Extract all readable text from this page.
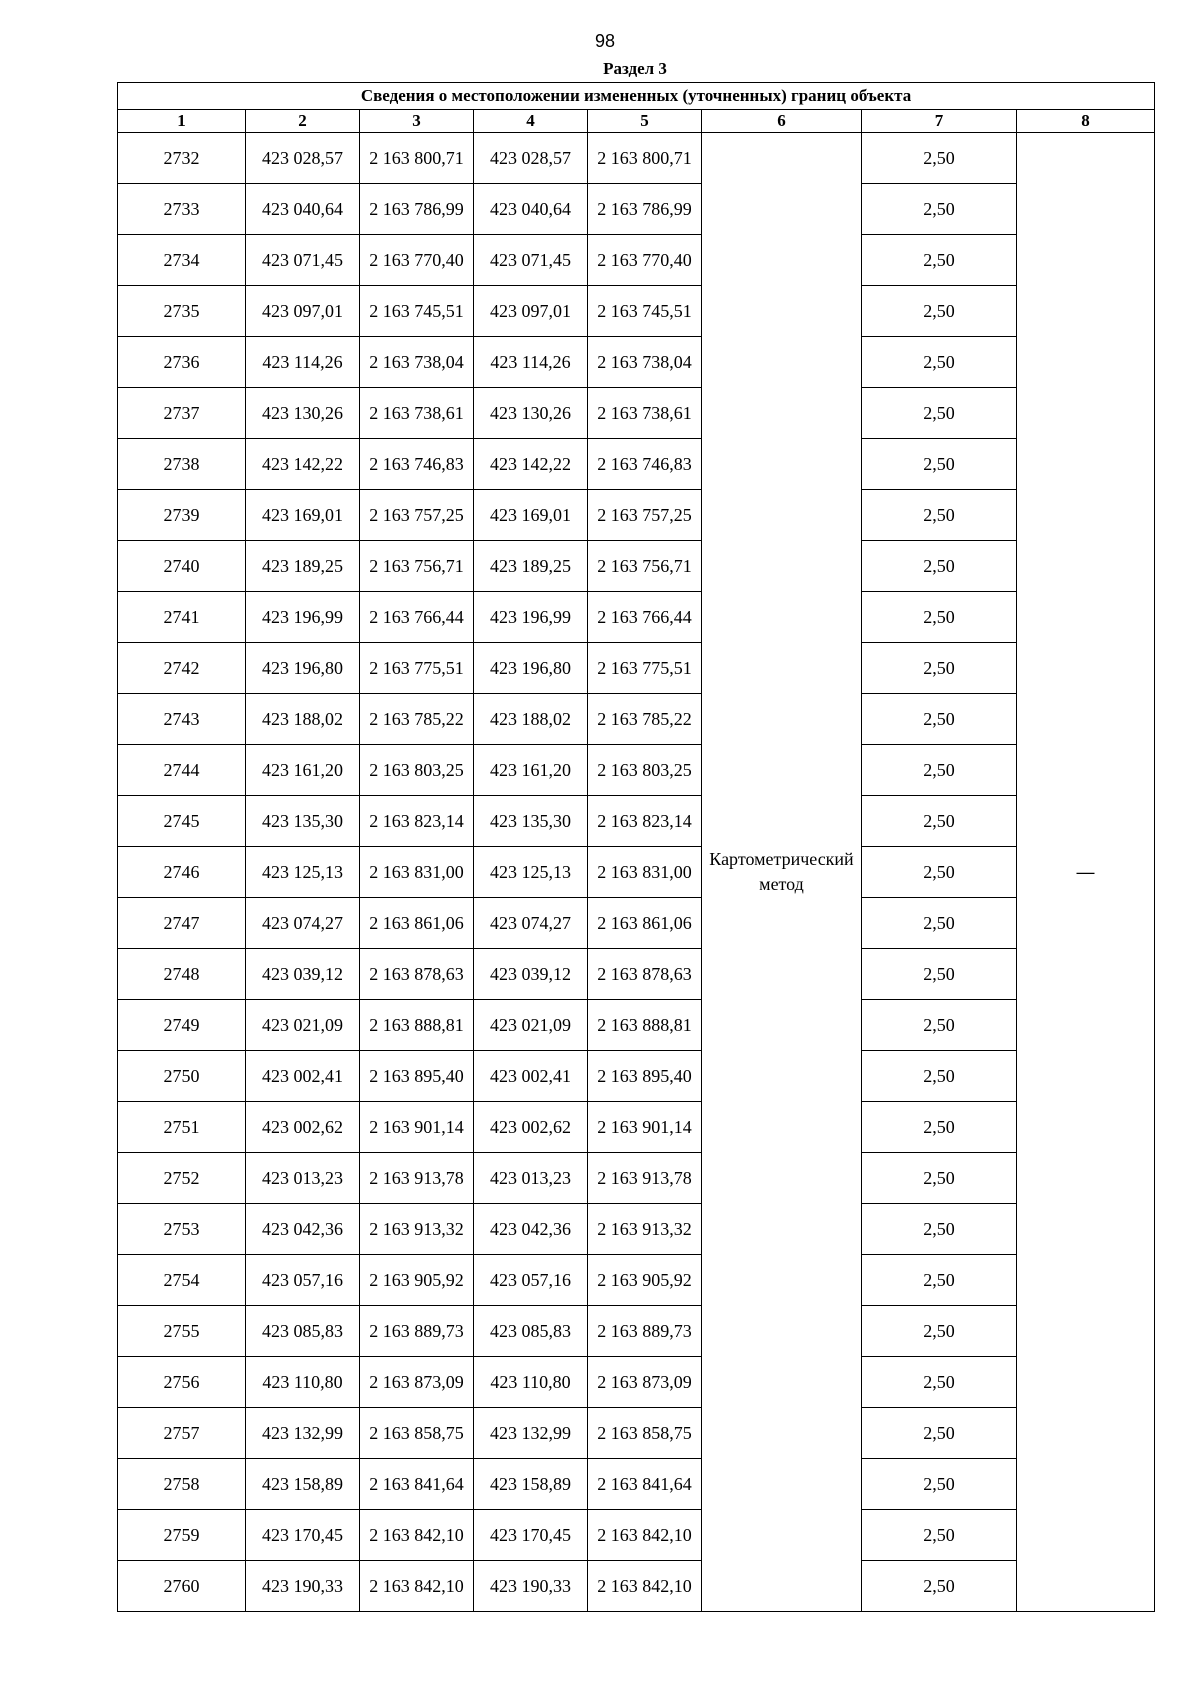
98
Раздел 3
Сведения о местоположении измененных (уточненных) границ объекта							
1	2	3	4	5	6	7	8
2732	423 028,57	2 163 800,71	423 028,57	2 163 800,71	Картометрический метод	2,50	—
2733	423 040,64	2 163 786,99	423 040,64	2 163 786,99		2,50	
2734	423 071,45	2 163 770,40	423 071,45	2 163 770,40		2,50	
2735	423 097,01	2 163 745,51	423 097,01	2 163 745,51		2,50	
2736	423 114,26	2 163 738,04	423 114,26	2 163 738,04		2,50	
2737	423 130,26	2 163 738,61	423 130,26	2 163 738,61		2,50	
2738	423 142,22	2 163 746,83	423 142,22	2 163 746,83		2,50	
2739	423 169,01	2 163 757,25	423 169,01	2 163 757,25		2,50	
2740	423 189,25	2 163 756,71	423 189,25	2 163 756,71		2,50	
2741	423 196,99	2 163 766,44	423 196,99	2 163 766,44		2,50	
2742	423 196,80	2 163 775,51	423 196,80	2 163 775,51		2,50	
2743	423 188,02	2 163 785,22	423 188,02	2 163 785,22		2,50	
2744	423 161,20	2 163 803,25	423 161,20	2 163 803,25		2,50	
2745	423 135,30	2 163 823,14	423 135,30	2 163 823,14		2,50	
2746	423 125,13	2 163 831,00	423 125,13	2 163 831,00		2,50	
2747	423 074,27	2 163 861,06	423 074,27	2 163 861,06		2,50	
2748	423 039,12	2 163 878,63	423 039,12	2 163 878,63		2,50	
2749	423 021,09	2 163 888,81	423 021,09	2 163 888,81		2,50	
2750	423 002,41	2 163 895,40	423 002,41	2 163 895,40		2,50	
2751	423 002,62	2 163 901,14	423 002,62	2 163 901,14		2,50	
2752	423 013,23	2 163 913,78	423 013,23	2 163 913,78		2,50	
2753	423 042,36	2 163 913,32	423 042,36	2 163 913,32		2,50	
2754	423 057,16	2 163 905,92	423 057,16	2 163 905,92		2,50	
2755	423 085,83	2 163 889,73	423 085,83	2 163 889,73		2,50	
2756	423 110,80	2 163 873,09	423 110,80	2 163 873,09		2,50	
2757	423 132,99	2 163 858,75	423 132,99	2 163 858,75		2,50	
2758	423 158,89	2 163 841,64	423 158,89	2 163 841,64		2,50	
2759	423 170,45	2 163 842,10	423 170,45	2 163 842,10		2,50	
2760	423 190,33	2 163 842,10	423 190,33	2 163 842,10		2,50	
